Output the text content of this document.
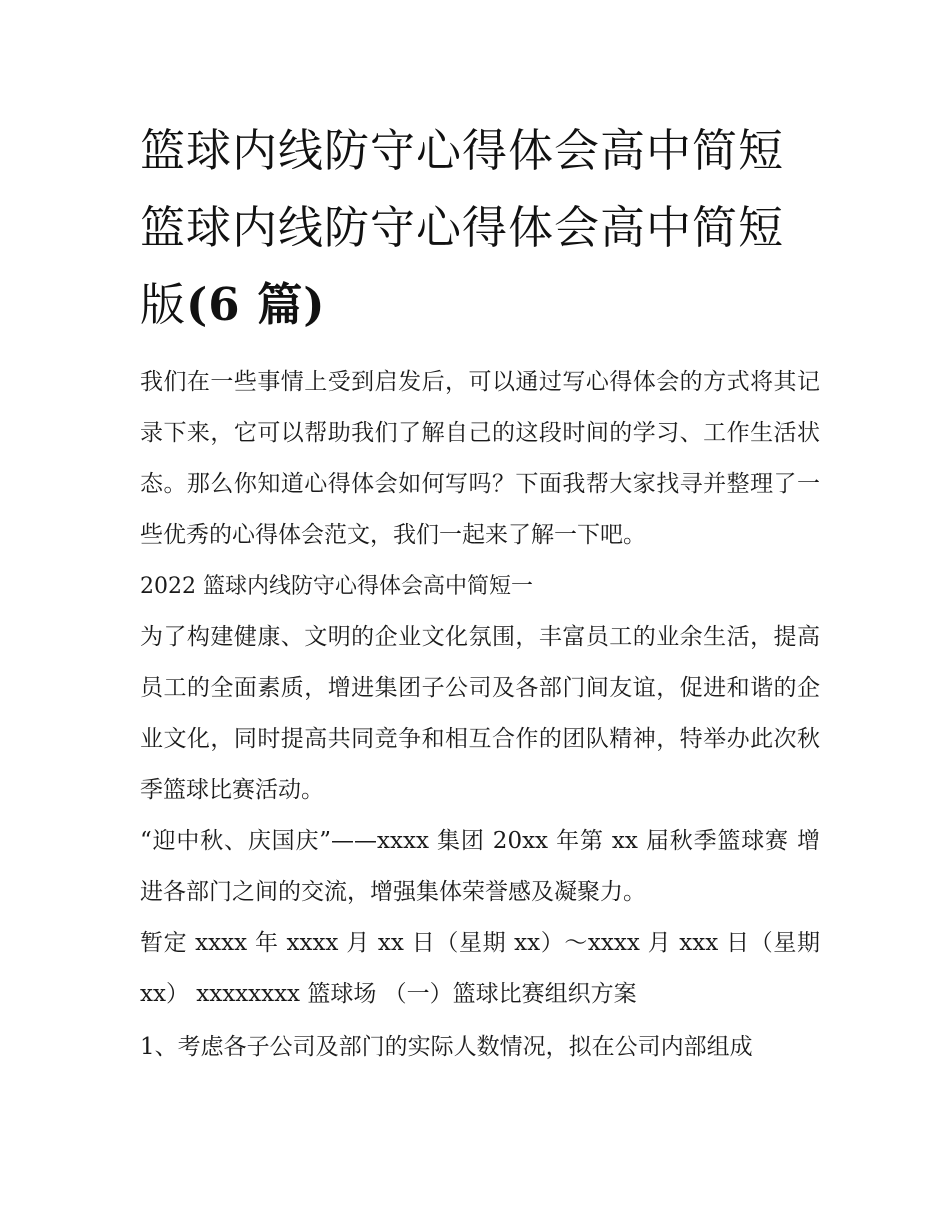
篮球内线防守心得体会高中简短 篮球内线防守心得体会高中简短版(6 篇)

我们在一些事情上受到启发后，可以通过写心得体会的方式将其记录下来，它可以帮助我们了解自己的这段时间的学习、工作生活状态。那么你知道心得体会如何写吗？下面我帮大家找寻并整理了一些优秀的心得体会范文，我们一起来了解一下吧。

2022 篮球内线防守心得体会高中简短一

为了构建健康、文明的企业文化氛围，丰富员工的业余生活，提高员工的全面素质，增进集团子公司及各部门间友谊，促进和谐的企业文化，同时提高共同竞争和相互合作的团队精神，特举办此次秋季篮球比赛活动。

“迎中秋、庆国庆”——xxxx 集团 20xx 年第 xx 届秋季篮球赛 增进各部门之间的交流，增强集体荣誉感及凝聚力。

暂定 xxxx 年 xxxx 月 xx 日（星期 xx）～xxxx 月 xxx 日（星期 xx） xxxxxxxx 篮球场 （一）篮球比赛组织方案

1、考虑各子公司及部门的实际人数情况，拟在公司内部组成
